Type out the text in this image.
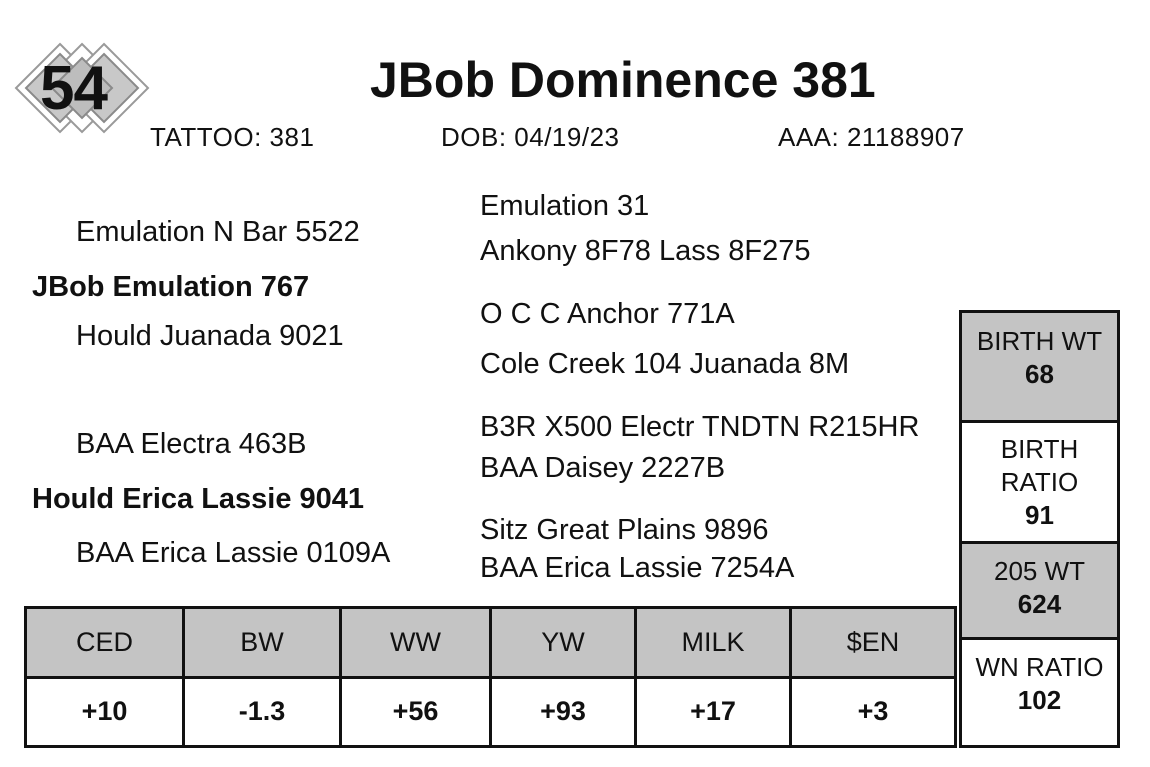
54	JBob Dominence 381
TATTOO: 381	DOB: 04/19/23	AAA: 21188907
Emulation N Bar 5522
JBob Emulation 767
Hould Juanada 9021
Emulation 31
Ankony 8F78 Lass 8F275
O C C Anchor 771A
Cole Creek 104 Juanada 8M
BAA Electra 463B
Hould Erica Lassie 9041
BAA Erica Lassie 0109A
B3R X500 Electr TNDTN R215HR
BAA Daisey 2227B
Sitz Great Plains 9896
BAA Erica Lassie 7254A
CED	BW	WW	YW	MILK	$EN
+10	-1.3	+56	+93	+17	+3
BIRTH WT
68
BIRTH
RATIO
91
205 WT
624
WN RATIO
102
